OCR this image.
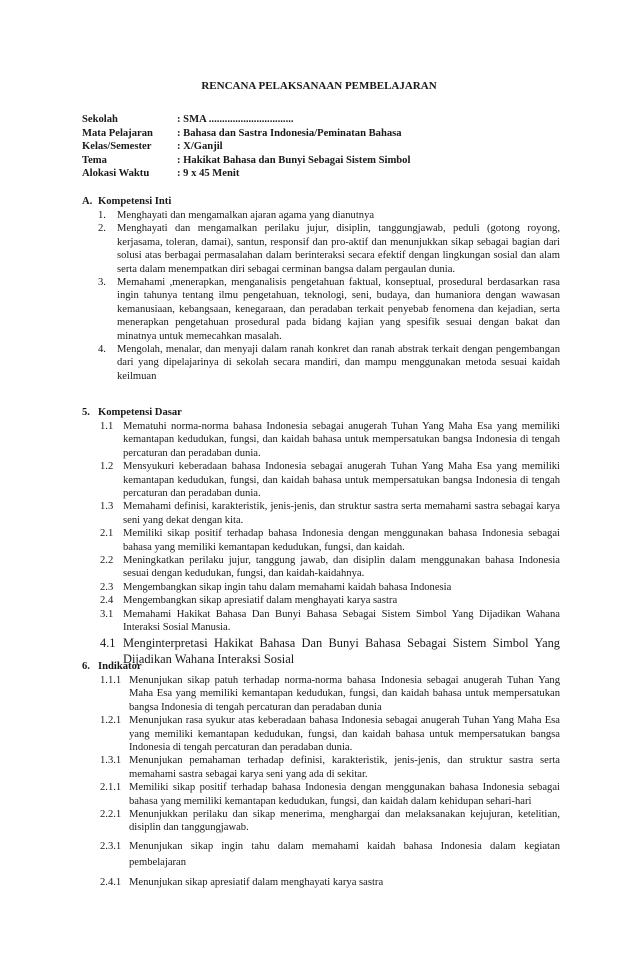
RENCANA PELAKSANAAN PEMBELAJARAN
Sekolah	: SMA ................................
Mata Pelajaran : Bahasa dan Sastra Indonesia/Peminatan Bahasa
Kelas/Semester : X/Ganjil
Tema	: Hakikat Bahasa dan Bunyi Sebagai Sistem Simbol
Alokasi Waktu	: 9 x 45 Menit
A. Kompetensi Inti
1.	Menghayati dan mengamalkan ajaran agama yang dianutnya
2.	Menghayati dan mengamalkan perilaku jujur, disiplin, tanggungjawab, peduli (gotong royong, kerjasama, toleran, damai), santun, responsif dan pro-aktif dan menunjukkan sikap sebagai bagian dari solusi atas berbagai permasalahan dalam berinteraksi secara efektif dengan lingkungan sosial dan alam serta dalam menempatkan diri sebagai cerminan bangsa dalam pergaulan dunia.
3.	Memahami ,menerapkan, menganalisis pengetahuan faktual, konseptual, prosedural berdasarkan rasa ingin tahunya tentang ilmu pengetahuan, teknologi, seni, budaya, dan humaniora dengan wawasan kemanusiaan, kebangsaan, kenegaraan, dan peradaban terkait penyebab fenomena dan kejadian, serta menerapkan pengetahuan prosedural pada bidang kajian yang spesifik sesuai dengan bakat dan minatnya untuk memecahkan masalah.
4.	Mengolah, menalar, dan menyaji dalam ranah konkret dan ranah abstrak terkait dengan pengembangan dari yang dipelajarinya di sekolah secara mandiri, dan mampu menggunakan metoda sesuai kaidah keilmuan
5. Kompetensi Dasar
1.1 Mematuhi norma-norma bahasa Indonesia sebagai anugerah Tuhan Yang Maha Esa yang memiliki kemantapan kedudukan, fungsi, dan kaidah bahasa untuk mempersatukan bangsa Indonesia di tengah percaturan dan peradaban dunia.
1.2 Mensyukuri keberadaan bahasa Indonesia sebagai anugerah Tuhan Yang Maha Esa yang memiliki kemantapan kedudukan, fungsi, dan kaidah bahasa untuk mempersatukan bangsa Indonesia di tengah percaturan dan peradaban dunia.
1.3 Memahami definisi, karakteristik, jenis-jenis, dan struktur sastra serta memahami sastra sebagai karya seni yang dekat dengan kita.
2.1 Memiliki sikap positif terhadap bahasa Indonesia dengan menggunakan bahasa Indonesia sebagai bahasa yang memiliki kemantapan kedudukan, fungsi, dan kaidah.
2.2 Meningkatkan perilaku jujur, tanggung jawab, dan disiplin dalam menggunakan bahasa Indonesia sesuai dengan kedudukan, fungsi, dan kaidah-kaidahnya.
2.3 Mengembangkan sikap ingin tahu dalam memahami kaidah bahasa Indonesia
2.4 Mengembangkan sikap apresiatif dalam menghayati karya sastra
3.1 Memahami Hakikat Bahasa Dan Bunyi Bahasa Sebagai Sistem Simbol Yang Dijadikan Wahana Interaksi Sosial Manusia.
4.1 Menginterpretasi Hakikat Bahasa Dan Bunyi Bahasa Sebagai Sistem Simbol Yang Dijadikan Wahana Interaksi Sosial
6. Indikator
1.1.1 Menunjukan sikap patuh terhadap norma-norma bahasa Indonesia sebagai anugerah Tuhan Yang Maha Esa yang memiliki kemantapan kedudukan, fungsi, dan kaidah bahasa untuk mempersatukan bangsa Indonesia di tengah percaturan dan peradaban dunia
1.2.1 Menunjukan rasa syukur atas keberadaan bahasa Indonesia sebagai anugerah Tuhan Yang Maha Esa yang memiliki kemantapan kedudukan, fungsi, dan kaidah bahasa untuk mempersatukan bangsa Indonesia di tengah percaturan dan peradaban dunia.
1.3.1 Menunjukan pemahaman terhadap definisi, karakteristik, jenis-jenis, dan struktur sastra serta memahami sastra sebagai karya seni yang ada di sekitar.
2.1.1 Memiliki sikap positif terhadap bahasa Indonesia dengan menggunakan bahasa Indonesia sebagai bahasa yang memiliki kemantapan kedudukan, fungsi, dan kaidah dalam kehidupan sehari-hari
2.2.1 Menunjukkan perilaku dan sikap menerima, menghargai dan melaksanakan kejujuran, ketelitian, disiplin dan tanggungjawab.
2.3.1 Menunjukan sikap ingin tahu dalam memahami kaidah bahasa Indonesia dalam kegiatan pembelajaran
2.4.1 Menunjukan sikap apresiatif dalam menghayati karya sastra
